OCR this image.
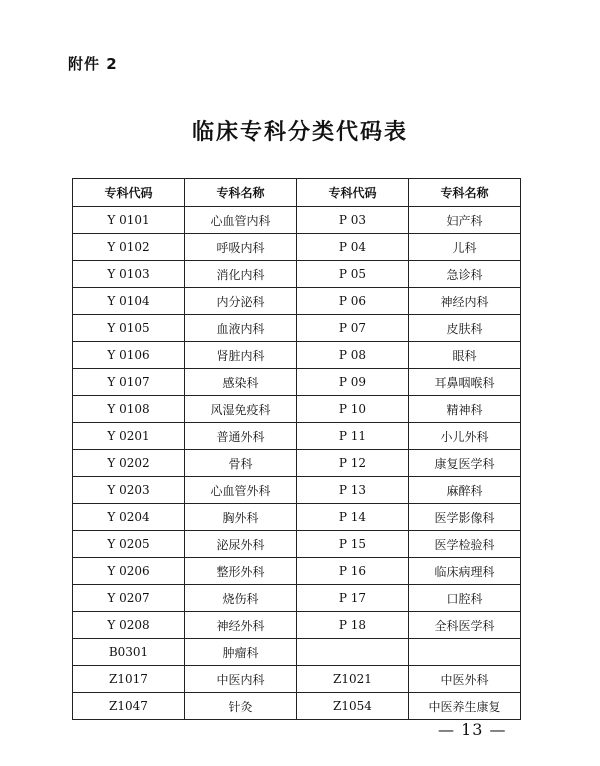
附件 2
临床专科分类代码表
专科代码	专科名称	专科代码	专科名称
Y 0101	心血管内科	P 03	妇产科
Y 0102	呼吸内科	P 04	儿科
Y 0103	消化内科	P 05	急诊科
Y 0104	内分泌科	P 06	神经内科
Y 0105	血液内科	P 07	皮肤科
Y 0106	肾脏内科	P 08	眼科
Y 0107	感染科	P 09	耳鼻咽喉科
Y 0108	风湿免疫科	P 10	精神科
Y 0201	普通外科	P 11	小儿外科
Y 0202	骨科	P 12	康复医学科
Y 0203	心血管外科	P 13	麻醉科
Y 0204	胸外科	P 14	医学影像科
Y 0205	泌尿外科	P 15	医学检验科
Y 0206	整形外科	P 16	临床病理科
Y 0207	烧伤科	P 17	口腔科
Y 0208	神经外科	P 18	全科医学科
B0301	肿瘤科		
Z1017	中医内科	Z1021	中医外科
Z1047	针灸	Z1054	中医养生康复
— 13 —
